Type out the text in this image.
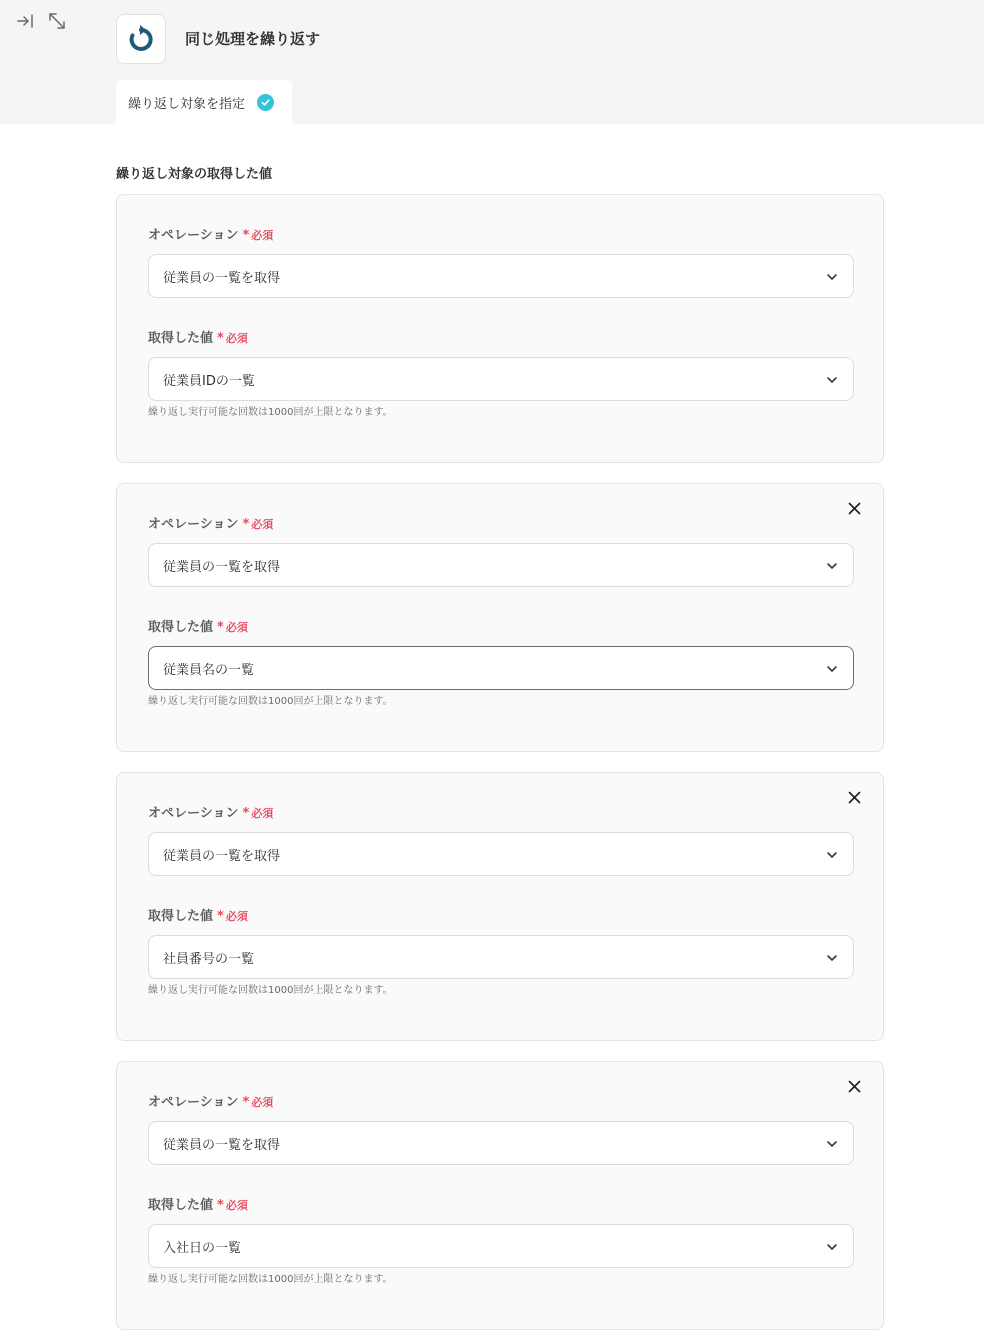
同じ処理を繰り返す
繰り返し対象を指定
繰り返し対象の取得した値
オペレーション * 必須
従業員の一覧を取得
取得した値 * 必須
従業員IDの一覧
繰り返し実行可能な回数は1000回が上限となります。
オペレーション * 必須
従業員の一覧を取得
取得した値 * 必須
従業員名の一覧
繰り返し実行可能な回数は1000回が上限となります。
オペレーション * 必須
従業員の一覧を取得
取得した値 * 必須
社員番号の一覧
繰り返し実行可能な回数は1000回が上限となります。
オペレーション * 必須
従業員の一覧を取得
取得した値 * 必須
入社日の一覧
繰り返し実行可能な回数は1000回が上限となります。
